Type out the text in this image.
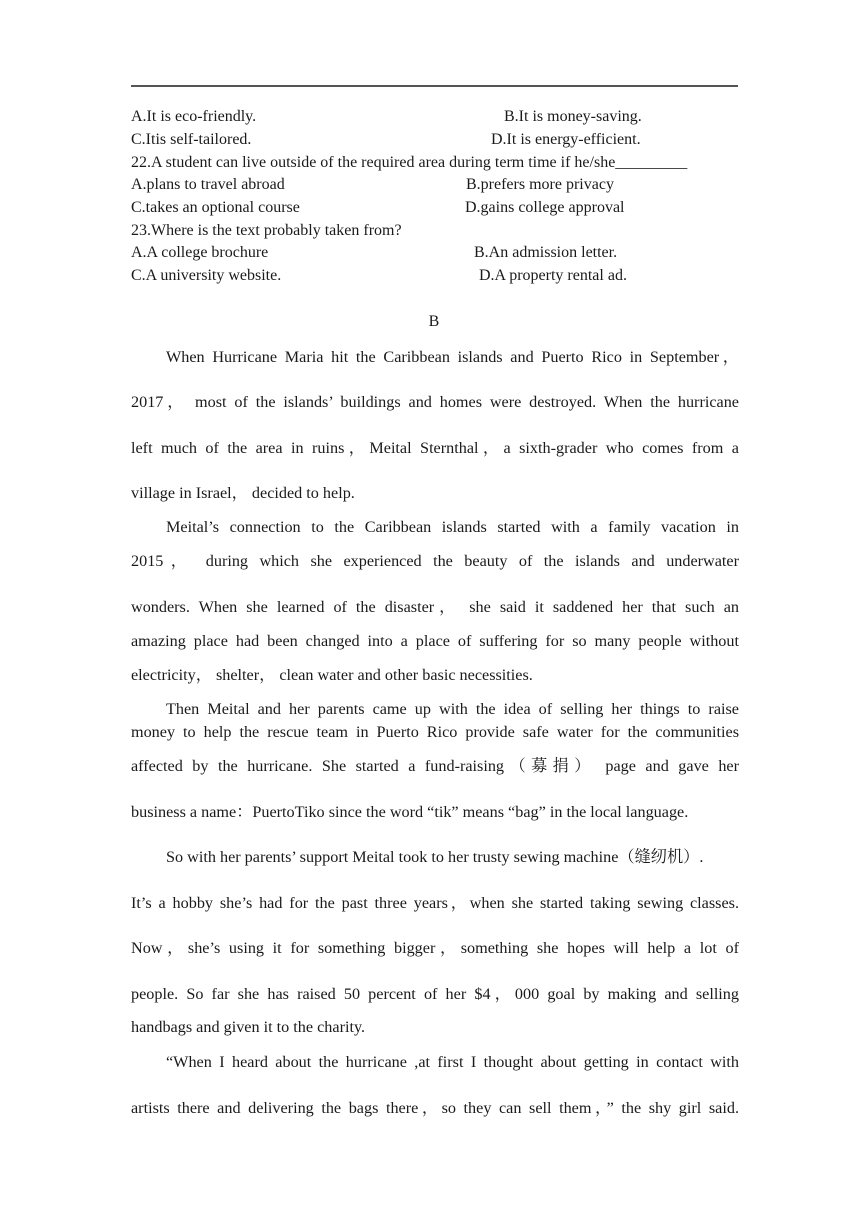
A.It is eco-friendly.	B.It is money-saving.
C.Itis self-tailored.	D.It is energy-efficient.
22.A student can live outside of the required area during term time if he/she_________
A.plans to travel abroad	B.prefers more privacy
C.takes an optional course	D.gains college approval
23.Where is the text probably taken from?
A.A college brochure	B.An admission letter.
C.A university website.	D.A property rental ad.
B
When Hurricane Maria hit the Caribbean islands and Puerto Rico in September，
2017， most of the islands’ buildings and homes were destroyed. When the hurricane
left much of the area in ruins，Meital Sternthal，a sixth-grader who comes from a
village in Israel， decided to help.
Meital’s connection to the Caribbean islands started with a family vacation in
2015， during which she experienced the beauty of the islands and underwater
wonders. When she learned of the disaster， she said it saddened her that such an
amazing place had been changed into a place of suffering for so many people without
electricity， shelter， clean water and other basic necessities.
Then Meital and her parents came up with the idea of selling her things to raise
money to help the rescue team in Puerto Rico provide safe water for the communities
affected by the hurricane. She started a fund-raising（募捐） page and gave her
business a name：PuertoTiko since the word “tik” means “bag” in the local language.
So with her parents’ support Meital took to her trusty sewing machine（缝纫机）.
It’s a hobby she’s had for the past three years，when she started taking sewing classes.
Now，she’s using it for something bigger，something she hopes will help a lot of
people. So far she has raised 50 percent of her $4，000 goal by making and selling
handbags and given it to the charity.
“When I heard about the hurricane ,at first I thought about getting in contact with
artists there and delivering the bags there，so they can sell them，” the shy girl said.
